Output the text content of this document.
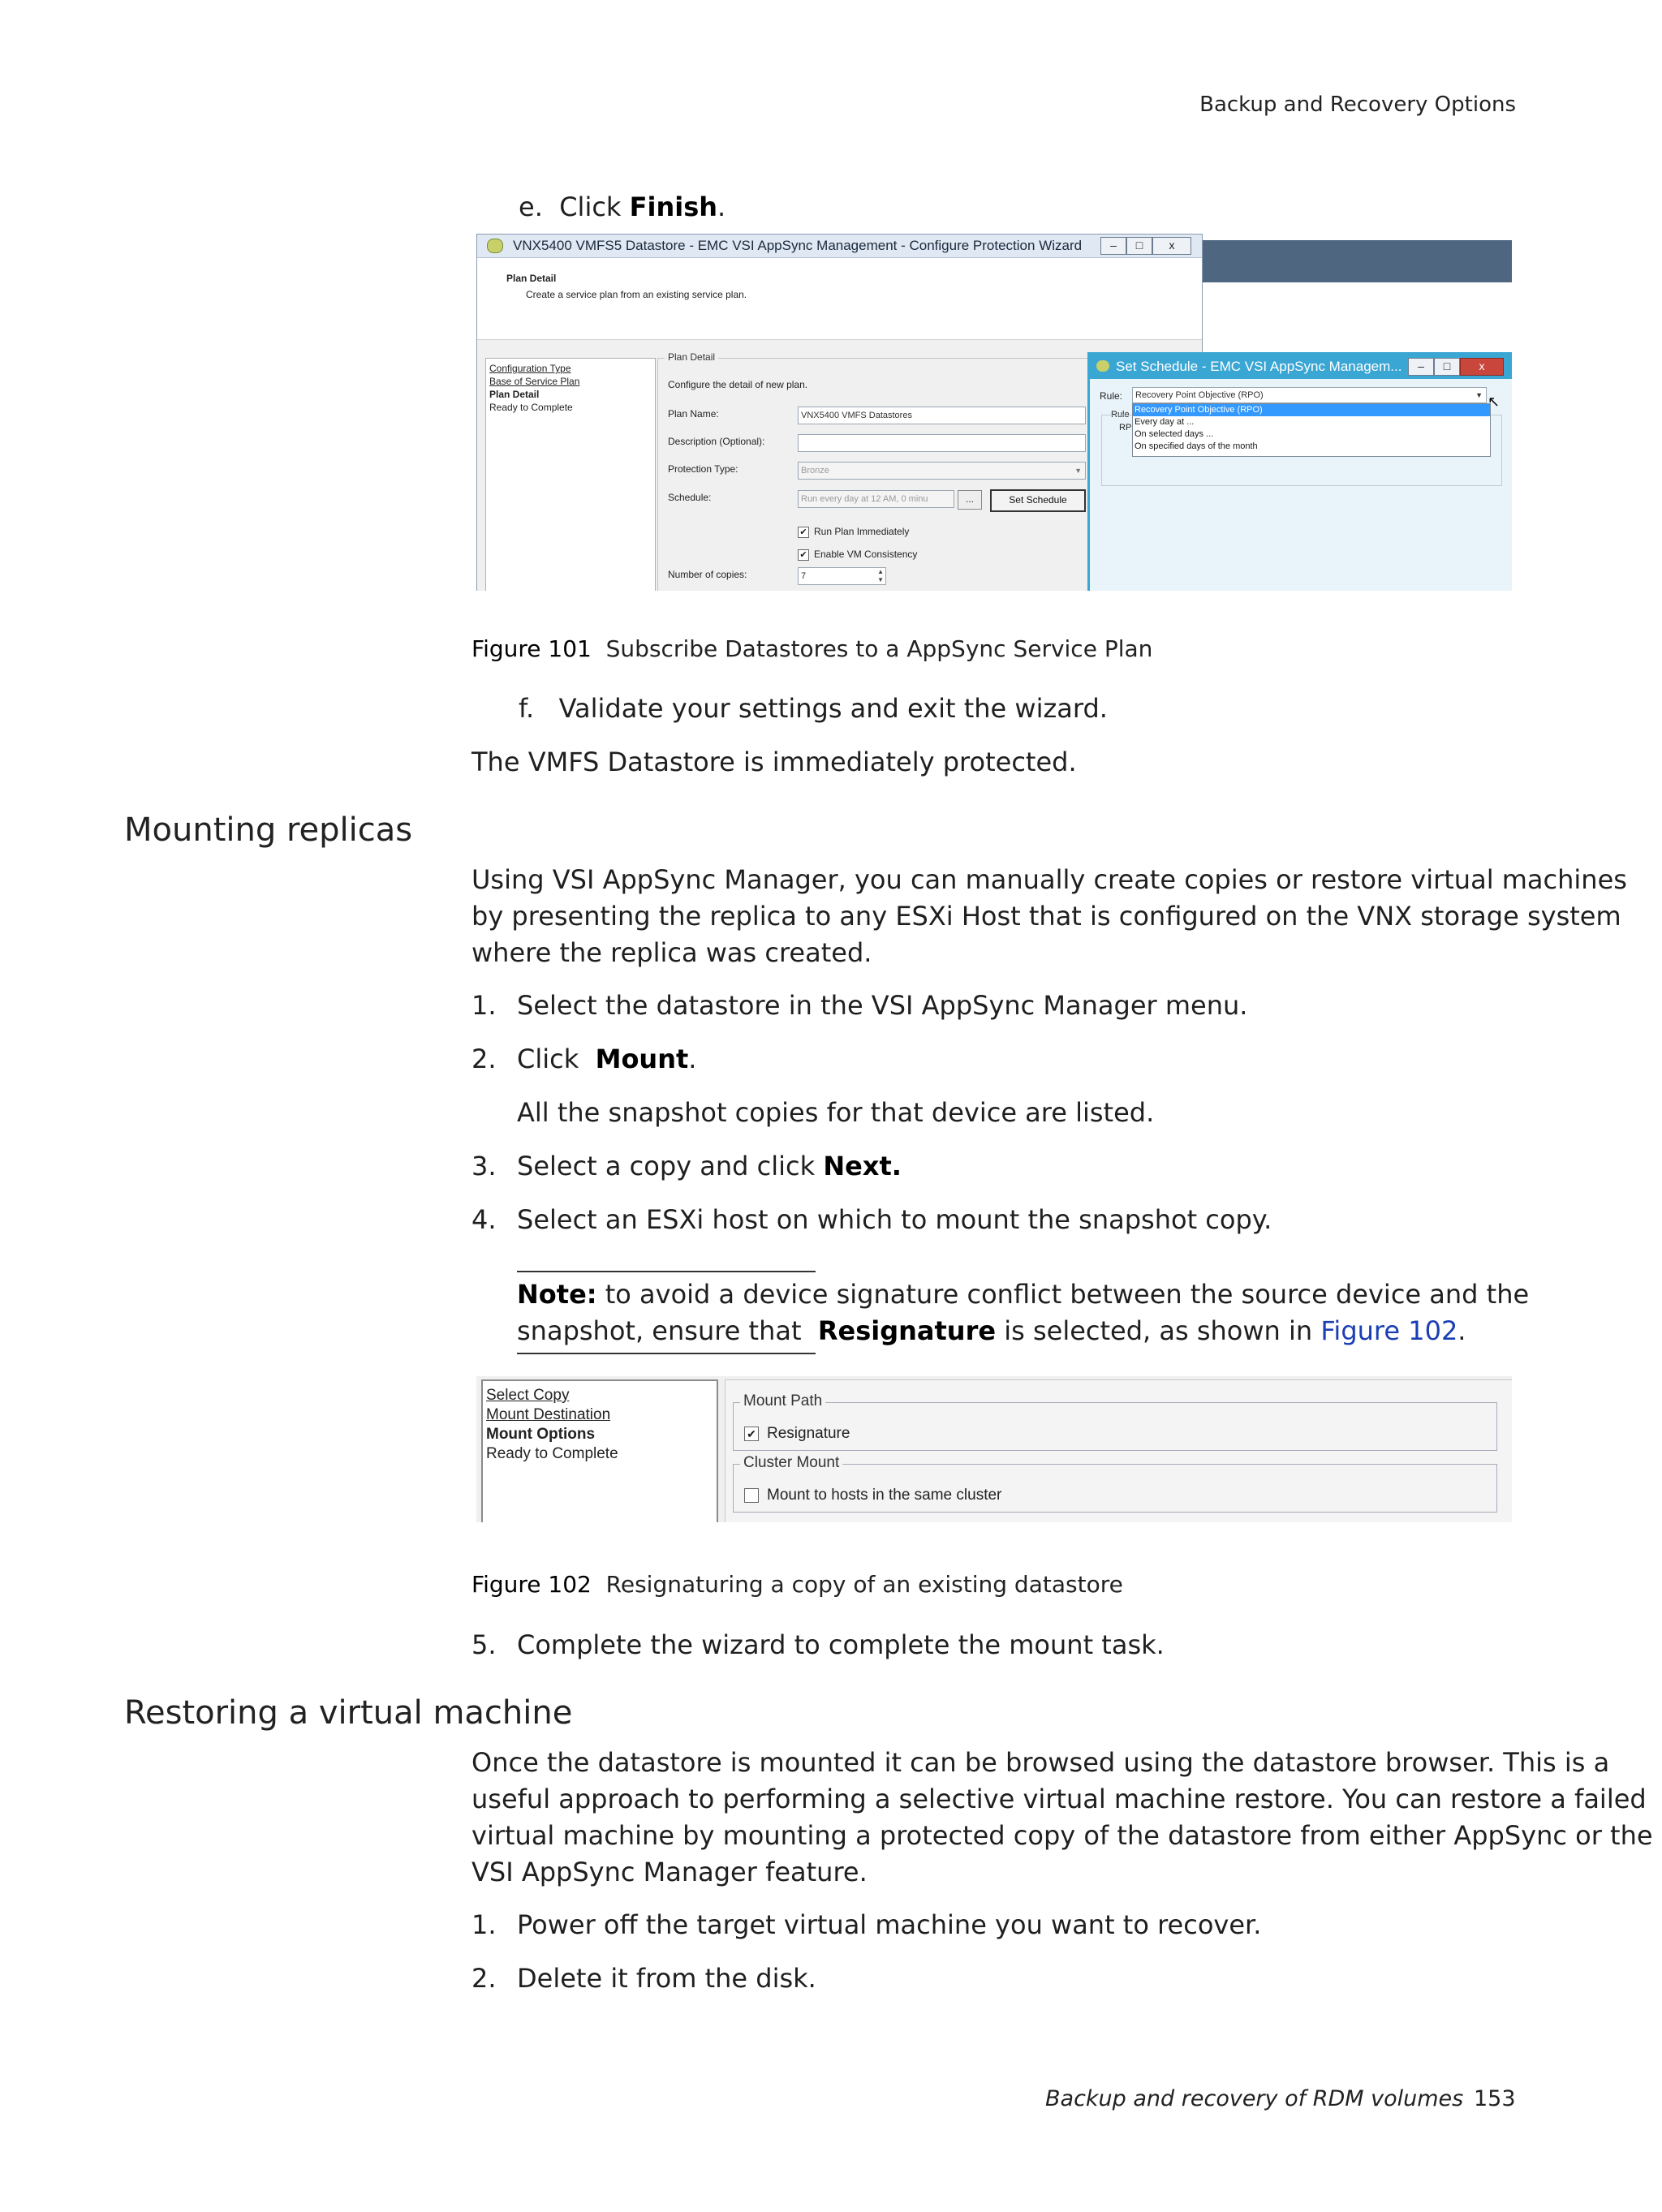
Backup and Recovery Options
e. Click Finish.
VNX5400 VMFS5 Datastore - EMC VSI AppSync Management - Configure Protection Wizard	–	□	x
Plan Detail
Create a service plan from an existing service plan.
Configuration Type
Base of Service Plan
Plan Detail
Ready to Complete
Plan Detail
Configure the detail of new plan.
Plan Name:	VNX5400 VMFS Datastores
Description (Optional):
Protection Type:	Bronze	▼
Schedule:	Run every day at 12 AM, 0 minu	...	Set Schedule
✔ Run Plan Immediately
✔ Enable VM Consistency
Number of copies:	7	▲
▼
Set Schedule - EMC VSI AppSync Managem...	–	□	x
Rule:	Recovery Point Objective (RPO)	▼
Rule
RP
Recovery Point Objective (RPO)
Every day at ...
On selected days ...
On specified days of the month
↖
Figure 101 Subscribe Datastores to a AppSync Service Plan
f. Validate your settings and exit the wizard.
The VMFS Datastore is immediately protected.
Mounting replicas
Using VSI AppSync Manager, you can manually create copies or restore virtual machines
by presenting the replica to any ESXi Host that is configured on the VNX storage system
where the replica was created.
1. Select the datastore in the VSI AppSync Manager menu.
2. Click  Mount.
All the snapshot copies for that device are listed.
3. Select a copy and click Next.
4. Select an ESXi host on which to mount the snapshot copy.
Note: to avoid a device signature conflict between the source device and the
snapshot, ensure that  Resignature is selected, as shown in Figure 102.
Select Copy
Mount Destination
Mount Options
Ready to Complete
Mount Path
✔ Resignature
Cluster Mount
Mount to hosts in the same cluster
Figure 102 Resignaturing a copy of an existing datastore
5. Complete the wizard to complete the mount task.
Restoring a virtual machine
Once the datastore is mounted it can be browsed using the datastore browser. This is a
useful approach to performing a selective virtual machine restore. You can restore a failed
virtual machine by mounting a protected copy of the datastore from either AppSync or the
VSI AppSync Manager feature.
1. Power off the target virtual machine you want to recover.
2. Delete it from the disk.
Backup and recovery of RDM volumes 153
